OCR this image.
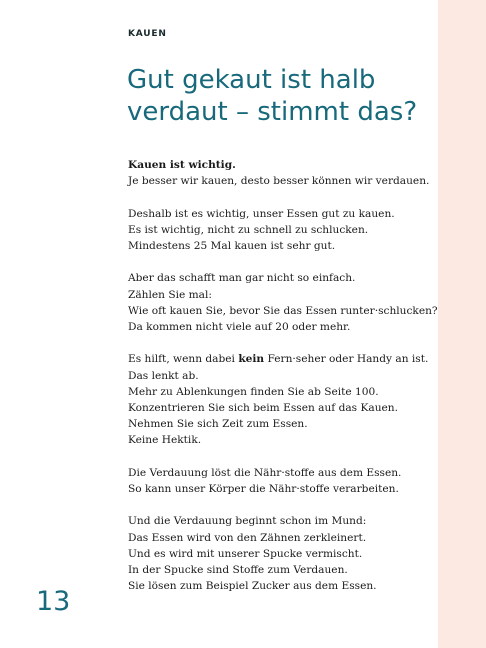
KAUEN
Gut gekaut ist halb
verdaut – stimmt das?

Kauen ist wichtig.
Je besser wir kauen, desto besser können wir verdauen.

Deshalb ist es wichtig, unser Essen gut zu kauen.
Es ist wichtig, nicht zu schnell zu schlucken.
Mindestens 25 Mal kauen ist sehr gut.

Aber das schafft man gar nicht so einfach.
Zählen Sie mal:
Wie oft kauen Sie, bevor Sie das Essen runter·schlucken?
Da kommen nicht viele auf 20 oder mehr.

Es hilft, wenn dabei kein Fern·seher oder Handy an ist.
Das lenkt ab.
Mehr zu Ablenkungen finden Sie ab Seite 100.
Konzentrieren Sie sich beim Essen auf das Kauen.
Nehmen Sie sich Zeit zum Essen.
Keine Hektik.

Die Verdauung löst die Nähr·stoffe aus dem Essen.
So kann unser Körper die Nähr·stoffe verarbeiten.

Und die Verdauung beginnt schon im Mund:
Das Essen wird von den Zähnen zerkleinert.
Und es wird mit unserer Spucke vermischt.
In der Spucke sind Stoffe zum Verdauen.
Sie lösen zum Beispiel Zucker aus dem Essen.

13
